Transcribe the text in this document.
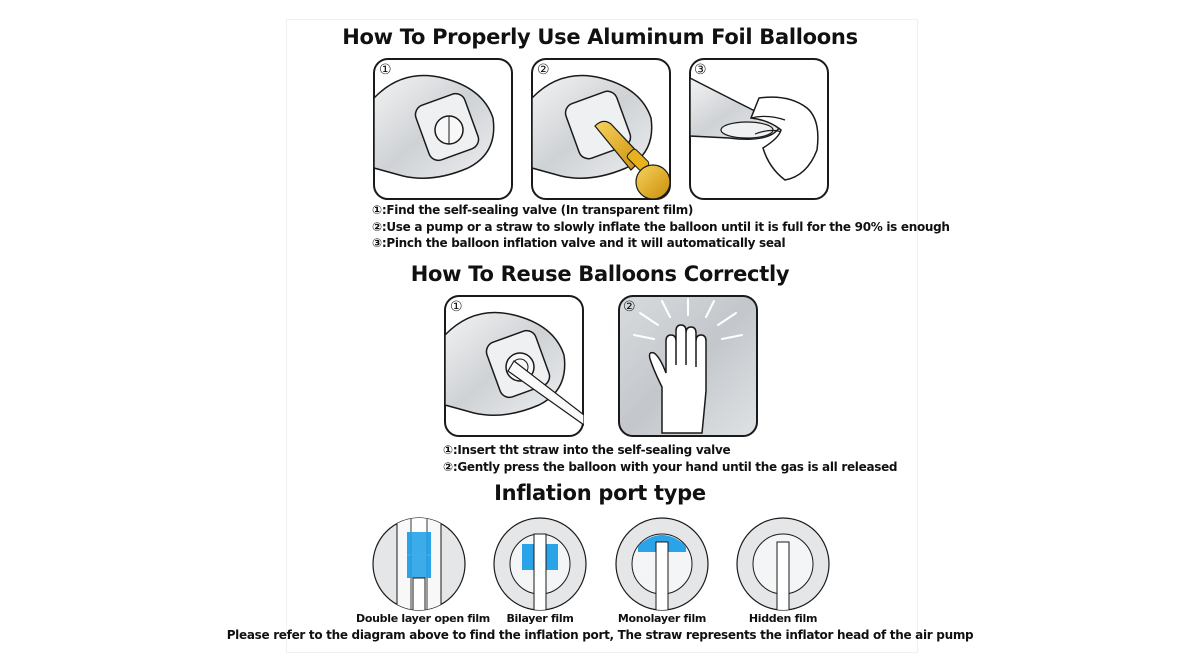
How To Properly Use Aluminum Foil Balloons
①	②	③
①:Find the self-sealing valve (In transparent film)
②:Use a pump or a straw to slowly inflate the balloon until it is full for the 90% is enough
③:Pinch the balloon inflation valve and it will automatically seal
How To Reuse Balloons Correctly
①	②
①:Insert tht straw into the self-sealing valve
②:Gently press the balloon with your hand until the gas is all released
Inflation port type
Double layer open film	Bilayer film	Monolayer film	Hidden film
Please refer to the diagram above to find the inflation port, The straw represents the inflator head of the air pump
